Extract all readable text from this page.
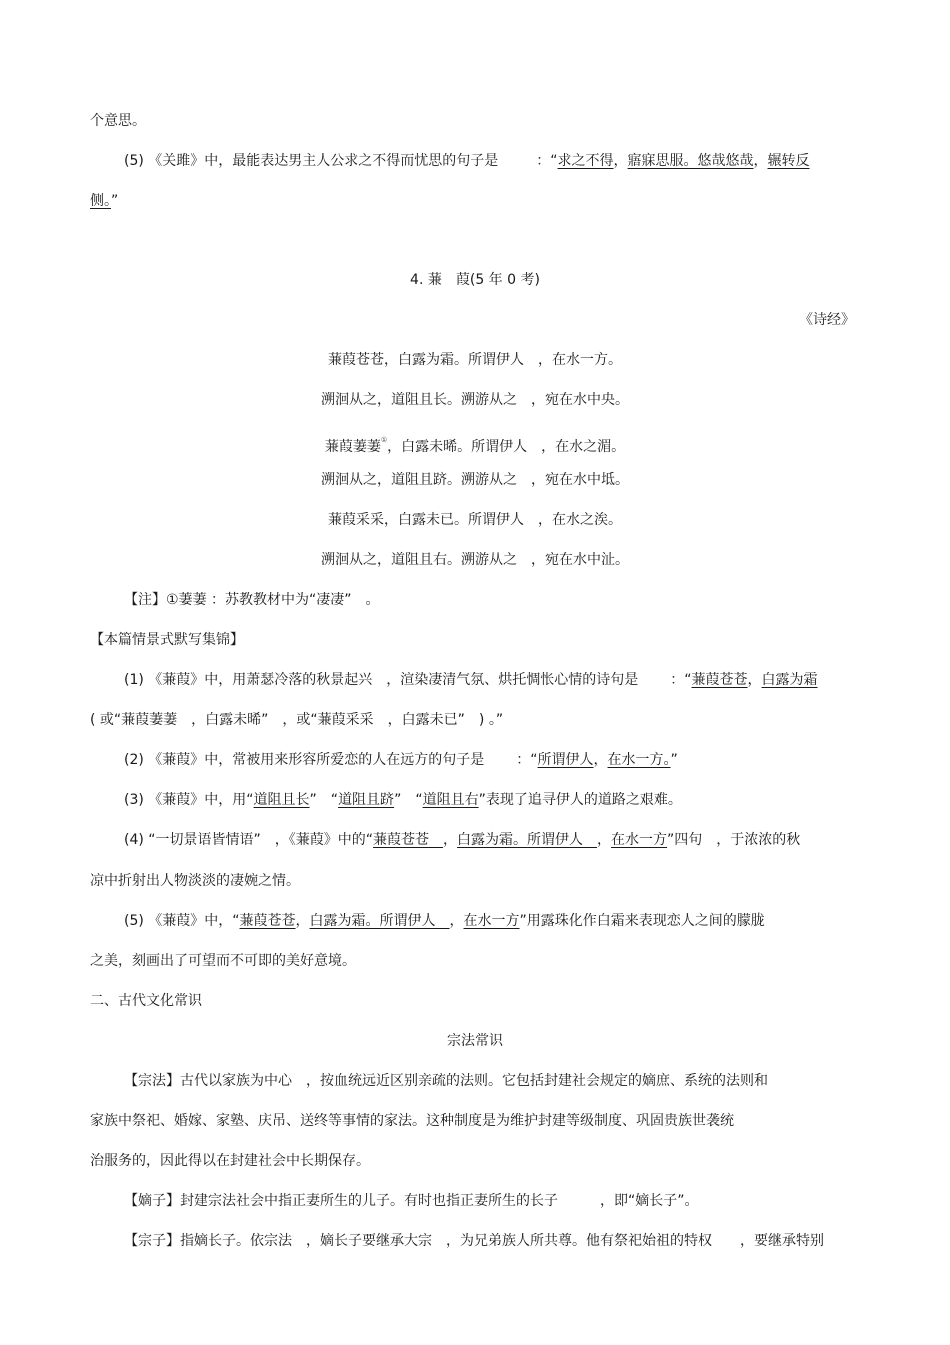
个意思。
(5) 《关雎》中，最能表达男主人公求之不得而忧思的句子是	：“求之不得，寤寐思服。悠哉悠哉，辗转反
侧。”
4. 蒹　葭(5 年 0 考)
《诗经》
蒹葭苍苍，白露为霜。所谓伊人　，在水一方。
溯洄从之，道阻且长。溯游从之　，宛在水中央。
蒹葭萋萋①，白露未晞。所谓伊人　，在水之湄。
溯洄从之，道阻且跻。溯游从之　，宛在水中坻。
蒹葭采采，白露未已。所谓伊人　，在水之涘。
溯洄从之，道阻且右。溯游从之　，宛在水中沚。
【注】①萋萋 ：苏教教材中为“凄凄”　。
【本篇情景式默写集锦】
(1) 《蒹葭》中，用萧瑟冷落的秋景起兴　，渲染凄清气氛、烘托惆怅心情的诗句是 ：“蒹葭苍苍，白露为霜
( 或“蒹葭萋萋　，白露未晞”　，或“蒹葭采采　，白露未已”　) 。”
(2) 《蒹葭》中，常被用来形容所爱恋的人在远方的句子是 ：“所谓伊人，在水一方。”
(3) 《蒹葭》中，用“道阻且长”　“道阻且跻”　“道阻且右”表现了追寻伊人的道路之艰难。
(4) “一切景语皆情语”　，《蒹葭》中的“蒹葭苍苍　，白露为霜。所谓伊人　，在水一方”四句　，于浓浓的秋
凉中折射出人物淡淡的凄婉之情。
(5) 《蒹葭》中，“蒹葭苍苍，白露为霜。所谓伊人　，在水一方”用露珠化作白霜来表现恋人之间的朦胧
之美，刻画出了可望而不可即的美好意境。
二、古代文化常识
宗法常识
【宗法】古代以家族为中心　，按血统远近区别亲疏的法则。它包括封建社会规定的嫡庶、系统的法则和
家族中祭祀、婚嫁、家塾、庆吊、送终等事情的家法。这种制度是为维护封建等级制度、巩固贵族世袭统
治服务的，因此得以在封建社会中长期保存。
【嫡子】封建宗法社会中指正妻所生的儿子。有时也指正妻所生的长子　　　，即“嫡长子”。
【宗子】指嫡长子。依宗法　，嫡长子要继承大宗　，为兄弟族人所共尊。他有祭祀始祖的特权　　，要继承特别
